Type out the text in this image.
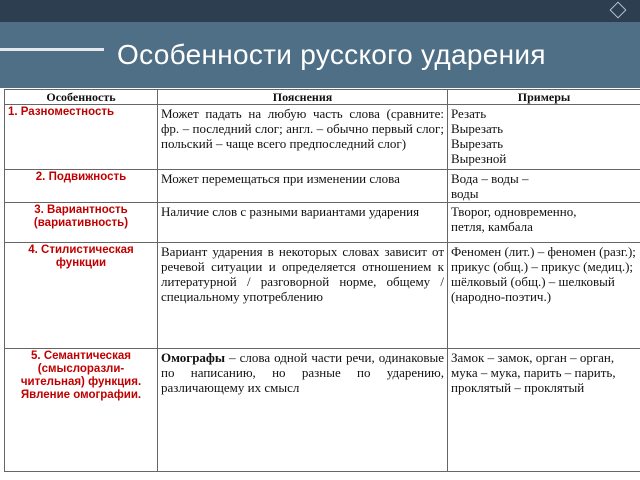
Особенности русского ударения
Особенность	Пояснения	Примеры
1. Разноместность	Может падать на любую часть слова (сравните: фр. – последний слог; англ. – обычно первый слог; польский – чаще всего предпоследний слог)	Резать
Вырезать
Вырезать
Вырезной

2. Подвижность	Может перемещаться при изменении слова	Вода – воды –
воды

3. Вариантность (вариативность)	Наличие слов с разными вариантами ударения	Творог, одновременно,
петля, камбала

4. Стилистическая функции	Вариант ударения в некоторых словах зависит от речевой ситуации и определяется отношением к литературной / разговорной норме, общему / специальному употреблению	Феномен (лит.) – феномен (разг.);
прикус (общ.) – прикус (медиц.); шёлковый (общ.) – шелковый (народно-поэтич.)

5. Семантическая (смыслоразли-чительная) функция. Явление омографии.	Омографы – слова одной части речи, одинаковые по написанию, но разные по ударению, различающему их смысл	Замок – замок, орган – орган, мука – мука, парить – парить, проклятый – проклятый
